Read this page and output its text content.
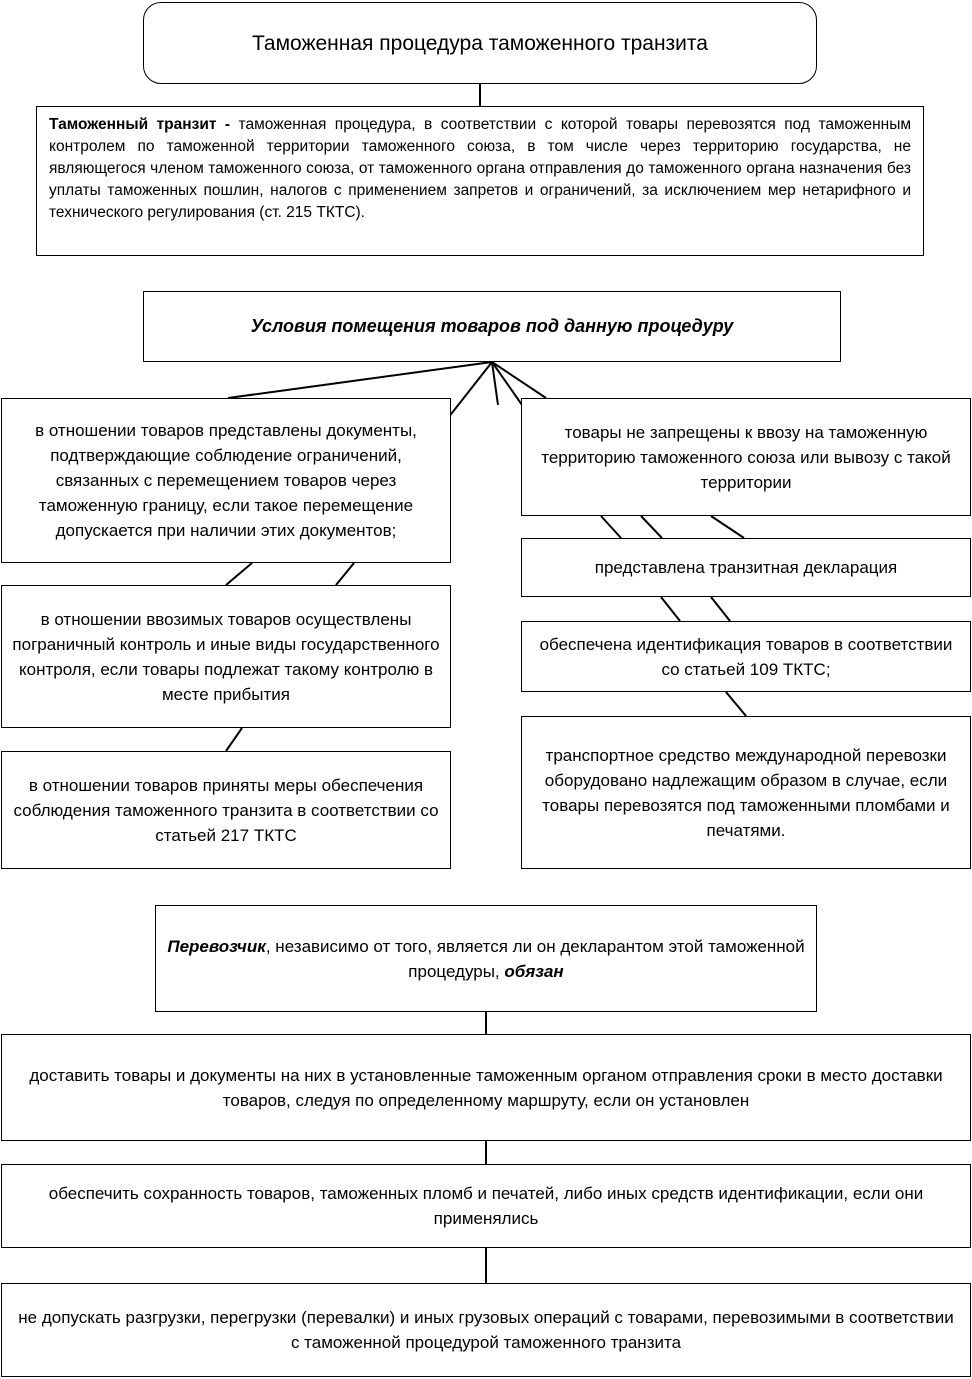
Таможенная процедура таможенного транзита
Таможенный транзит - таможенная процедура, в соответствии с которой товары перевозятся под таможенным контролем по таможенной территории таможенного союза, в том числе через территорию государства, не являющегося членом таможенного союза, от таможенного органа отправления до таможенного органа назначения без уплаты таможенных пошлин, налогов с применением запретов и ограничений, за исключением мер нетарифного и технического регулирования (ст. 215 ТКТС).
Условия помещения товаров под данную процедуру
в отношении товаров представлены документы, подтверждающие соблюдение ограничений, связанных с перемещением товаров через таможенную границу, если такое перемещение допускается при наличии этих документов;
в отношении ввозимых товаров осуществлены пограничный контроль и иные виды государственного контроля, если товары подлежат такому контролю в месте прибытия
в отношении товаров приняты меры обеспечения соблюдения таможенного транзита в соответствии со статьей 217 ТКТС
товары не запрещены к ввозу на таможенную территорию таможенного союза или вывозу с такой территории
представлена транзитная декларация
обеспечена идентификация товаров в соответствии со статьей 109 ТКТС;
транспортное средство международной перевозки оборудовано надлежащим образом в случае, если товары перевозятся под таможенными пломбами и печатями.
Перевозчик, независимо от того, является ли он декларантом этой таможенной процедуры, обязан
доставить товары и документы на них в установленные таможенным органом отправления сроки в место доставки товаров, следуя по определенному маршруту, если он установлен
обеспечить сохранность товаров, таможенных пломб и печатей, либо иных средств идентификации, если они применялись
не допускать разгрузки, перегрузки (перевалки) и иных грузовых операций с товарами, перевозимыми в соответствии с таможенной процедурой таможенного транзита
